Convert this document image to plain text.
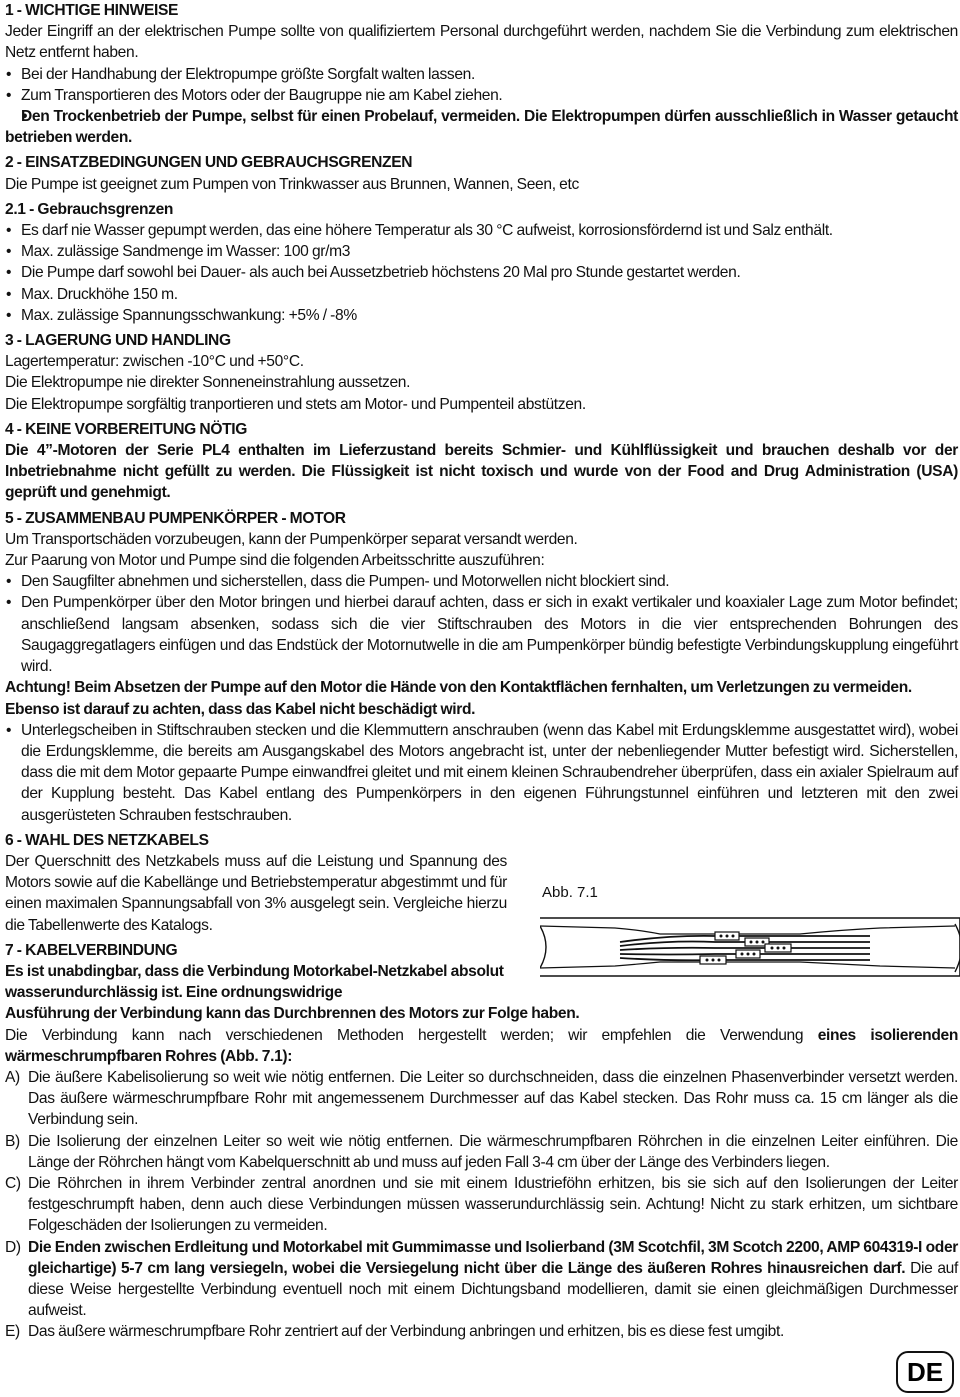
1 - WICHTIGE HINWEISE

Jeder Eingriff an der elektrischen Pumpe sollte von qualifiziertem Personal durchgeführt werden, nachdem Sie die Verbindung zum elektrischen Netz entfernt haben.

• Bei der Handhabung der Elektropumpe größte Sorgfalt walten lassen.

• Zum Transportieren des Motors oder der Baugruppe nie am Kabel ziehen.

• Den Trockenbetrieb der Pumpe, selbst für einen Probelauf, vermeiden. Die Elektropumpen dürfen ausschließlich in Wasser getaucht betrieben werden.

2 - EINSATZBEDINGUNGEN UND GEBRAUCHSGRENZEN

Die Pumpe ist geeignet zum Pumpen von Trinkwasser aus Brunnen, Wannen, Seen, etc

2.1 - Gebrauchsgrenzen

• Es darf nie Wasser gepumpt werden, das eine höhere Temperatur als 30 °C aufweist, korrosionsfördernd ist und Salz enthält.

• Max. zulässige Sandmenge im Wasser: 100 gr/m3

• Die Pumpe darf sowohl bei Dauer- als auch bei Aussetzbetrieb höchstens 20 Mal pro Stunde gestartet werden.

• Max. Druckhöhe 150 m.

• Max. zulässige Spannungsschwankung: +5% / -8%

3 - LAGERUNG UND HANDLING

Lagertemperatur: zwischen -10°C und +50°C.

Die Elektropumpe nie direkter Sonneneinstrahlung aussetzen.

Die Elektropumpe sorgfältig tranportieren und stets am Motor- und Pumpenteil abstützen.

4 - KEINE VORBEREITUNG NÖTIG

Die 4”-Motoren der Serie PL4 enthalten im Lieferzustand bereits Schmier- und Kühlflüssigkeit und brauchen deshalb vor der Inbetriebnahme nicht gefüllt zu werden. Die Flüssigkeit ist nicht toxisch und wurde von der Food and Drug Administration (USA) geprüft und genehmigt.

5 - ZUSAMMENBAU PUMPENKÖRPER - MOTOR

Um Transportschäden vorzubeugen, kann der Pumpenkörper separat versandt werden.

Zur Paarung von Motor und Pumpe sind die folgenden Arbeitsschritte auszuführen:

• Den Saugfilter abnehmen und sicherstellen, dass die Pumpen- und Motorwellen nicht blockiert sind.

• Den Pumpenkörper über den Motor bringen und hierbei darauf achten, dass er sich in exakt vertikaler und koaxialer Lage zum Motor befindet; anschließend langsam absenken, sodass sich die vier Stiftschrauben des Motors in die vier entsprechenden Bohrungen des Saugaggregatlagers einfügen und das Endstück der Motornutwelle in die am Pumpenkörper bündig befestigte Verbindungskupplung eingeführt wird.

Achtung! Beim Absetzen der Pumpe auf den Motor die Hände von den Kontaktflächen fernhalten, um Verletzungen zu vermeiden.

Ebenso ist darauf zu achten, dass das Kabel nicht beschädigt wird.

• Unterlegscheiben in Stiftschrauben stecken und die Klemmuttern anschrauben (wenn das Kabel mit Erdungsklemme ausgestattet wird), wobei die Erdungsklemme, die bereits am Ausgangskabel des Motors angebracht ist, unter der nebenliegender Mutter befestigt wird. Sicherstellen, dass die mit dem Motor gepaarte Pumpe einwandfrei gleitet und mit einem kleinen Schraubendreher überprüfen, dass ein axialer Spielraum auf der Kupplung besteht. Das Kabel entlang des Pumpenkörpers in den eigenen Führungstunnel einführen und letzteren mit den zwei ausgerüsteten Schrauben festschrauben.

6 - WAHL DES NETZKABELS

Der Querschnitt des Netzkabels muss auf die Leistung und Spannung des Motors sowie auf die Kabellänge und Betriebstemperatur abgestimmt und für einen maximalen Spannungsabfall von 3% ausgelegt sein. Vergleiche hierzu die Tabellenwerte des Katalogs.

7 - KABELVERBINDUNG

Es ist unabdingbar, dass die Verbindung Motorkabel-Netzkabel absolut wasserundurchlässig ist. Eine ordnungswidrige

Ausführung der Verbindung kann das Durchbrennen des Motors zur Folge haben.

Die Verbindung kann nach verschiedenen Methoden hergestellt werden; wir empfehlen die Verwendung eines isolierenden wärmeschrumpfbaren Rohres (Abb. 7.1):

A) Die äußere Kabelisolierung so weit wie nötig entfernen. Die Leiter so durchschneiden, dass die einzelnen Phasenverbinder versetzt werden. Das äußere wärmeschrumpfbare Rohr mit angemessenem Durchmesser auf das Kabel stecken. Das Rohr muss ca. 15 cm länger als die Verbindung sein.

B) Die Isolierung der einzelnen Leiter so weit wie nötig entfernen. Die wärmeschrumpfbaren Röhrchen in die einzelnen Leiter einführen. Die Länge der Röhrchen hängt vom Kabelquerschnitt ab und muss auf jeden Fall 3-4 cm über der Länge des Verbinders liegen.

C) Die Röhrchen in ihrem Verbinder zentral anordnen und sie mit einem Idustrieföhn erhitzen, bis sie sich auf den Isolierungen der Leiter festgeschrumpft haben, denn auch diese Verbindungen müssen wasserundurchlässig sein. Achtung! Nicht zu stark erhitzen, um sichtbare Folgeschäden der Isolierungen zu vermeiden.

D) Die Enden zwischen Erdleitung und Motorkabel mit Gummimasse und Isolierband (3M Scotchfil, 3M Scotch 2200, AMP 604319-I oder gleichartige) 5-7 cm lang versiegeln, wobei die Versiegelung nicht über die Länge des äußeren Rohres hinausreichen darf. Die auf diese Weise hergestellte Verbindung eventuell noch mit einem Dichtungsband modellieren, damit sie einen gleichmäßigen Durchmesser aufweist.

E) Das äußere wärmeschrumpfbare Rohr zentriert auf der Verbindung anbringen und erhitzen, bis es diese fest umgibt.

Abb. 7.1
DE
